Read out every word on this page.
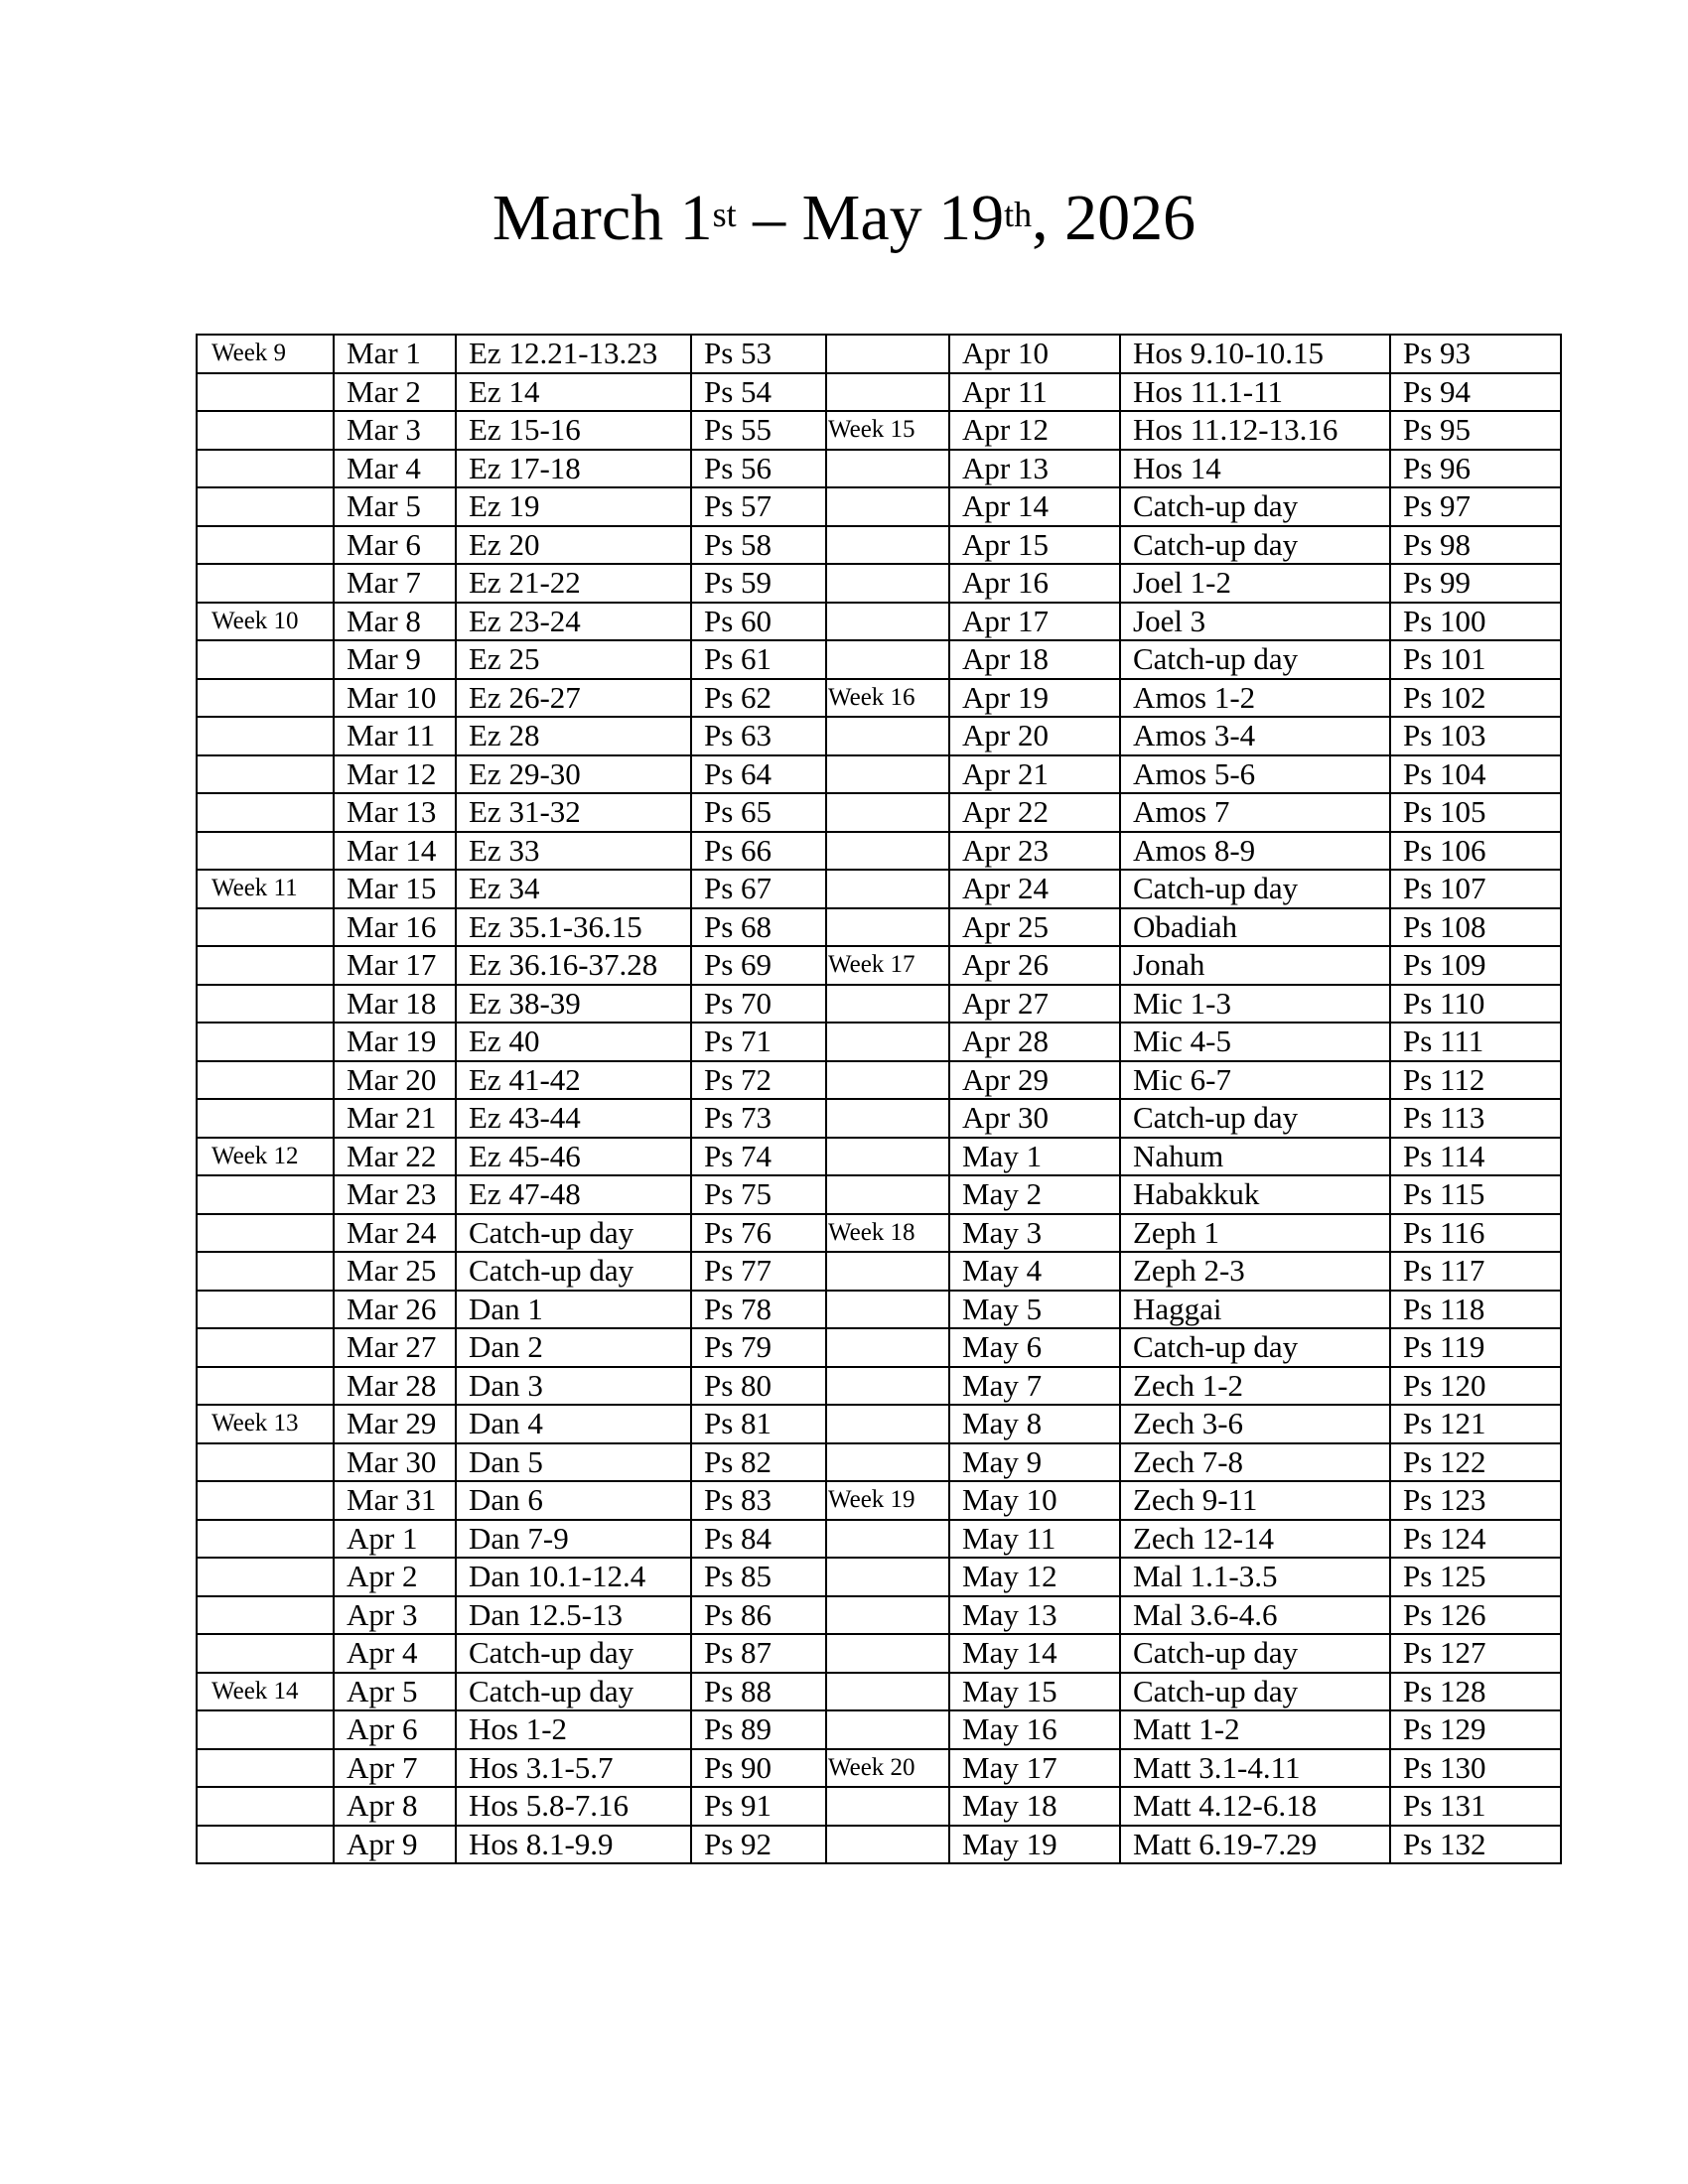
March 1st – May 19th, 2026
Week 9	Mar 1	Ez 12.21-13.23	Ps 53		Apr 10	Hos 9.10-10.15	Ps 93
	Mar 2	Ez 14	Ps 54		Apr 11	Hos 11.1-11	Ps 94
	Mar 3	Ez 15-16	Ps 55	Week 15	Apr 12	Hos 11.12-13.16	Ps 95
	Mar 4	Ez 17-18	Ps 56		Apr 13	Hos 14	Ps 96
	Mar 5	Ez 19	Ps 57		Apr 14	Catch-up day	Ps 97
	Mar 6	Ez 20	Ps 58		Apr 15	Catch-up day	Ps 98
	Mar 7	Ez 21-22	Ps 59		Apr 16	Joel 1-2	Ps 99
Week 10	Mar 8	Ez 23-24	Ps 60		Apr 17	Joel 3	Ps 100
	Mar 9	Ez 25	Ps 61		Apr 18	Catch-up day	Ps 101
	Mar 10	Ez 26-27	Ps 62	Week 16	Apr 19	Amos 1-2	Ps 102
	Mar 11	Ez 28	Ps 63		Apr 20	Amos 3-4	Ps 103
	Mar 12	Ez 29-30	Ps 64		Apr 21	Amos 5-6	Ps 104
	Mar 13	Ez 31-32	Ps 65		Apr 22	Amos 7	Ps 105
	Mar 14	Ez 33	Ps 66		Apr 23	Amos 8-9	Ps 106
Week 11	Mar 15	Ez 34	Ps 67		Apr 24	Catch-up day	Ps 107
	Mar 16	Ez 35.1-36.15	Ps 68		Apr 25	Obadiah	Ps 108
	Mar 17	Ez 36.16-37.28	Ps 69	Week 17	Apr 26	Jonah	Ps 109
	Mar 18	Ez 38-39	Ps 70		Apr 27	Mic 1-3	Ps 110
	Mar 19	Ez 40	Ps 71		Apr 28	Mic 4-5	Ps 111
	Mar 20	Ez 41-42	Ps 72		Apr 29	Mic 6-7	Ps 112
	Mar 21	Ez 43-44	Ps 73		Apr 30	Catch-up day	Ps 113
Week 12	Mar 22	Ez 45-46	Ps 74		May 1	Nahum	Ps 114
	Mar 23	Ez 47-48	Ps 75		May 2	Habakkuk	Ps 115
	Mar 24	Catch-up day	Ps 76	Week 18	May 3	Zeph 1	Ps 116
	Mar 25	Catch-up day	Ps 77		May 4	Zeph 2-3	Ps 117
	Mar 26	Dan 1	Ps 78		May 5	Haggai	Ps 118
	Mar 27	Dan 2	Ps 79		May 6	Catch-up day	Ps 119
	Mar 28	Dan 3	Ps 80		May 7	Zech 1-2	Ps 120
Week 13	Mar 29	Dan 4	Ps 81		May 8	Zech 3-6	Ps 121
	Mar 30	Dan 5	Ps 82		May 9	Zech 7-8	Ps 122
	Mar 31	Dan 6	Ps 83	Week 19	May 10	Zech 9-11	Ps 123
	Apr 1	Dan 7-9	Ps 84		May 11	Zech 12-14	Ps 124
	Apr 2	Dan 10.1-12.4	Ps 85		May 12	Mal 1.1-3.5	Ps 125
	Apr 3	Dan 12.5-13	Ps 86		May 13	Mal 3.6-4.6	Ps 126
	Apr 4	Catch-up day	Ps 87		May 14	Catch-up day	Ps 127
Week 14	Apr 5	Catch-up day	Ps 88		May 15	Catch-up day	Ps 128
	Apr 6	Hos 1-2	Ps 89		May 16	Matt 1-2	Ps 129
	Apr 7	Hos 3.1-5.7	Ps 90	Week 20	May 17	Matt 3.1-4.11	Ps 130
	Apr 8	Hos 5.8-7.16	Ps 91		May 18	Matt 4.12-6.18	Ps 131
	Apr 9	Hos 8.1-9.9	Ps 92		May 19	Matt 6.19-7.29	Ps 132
